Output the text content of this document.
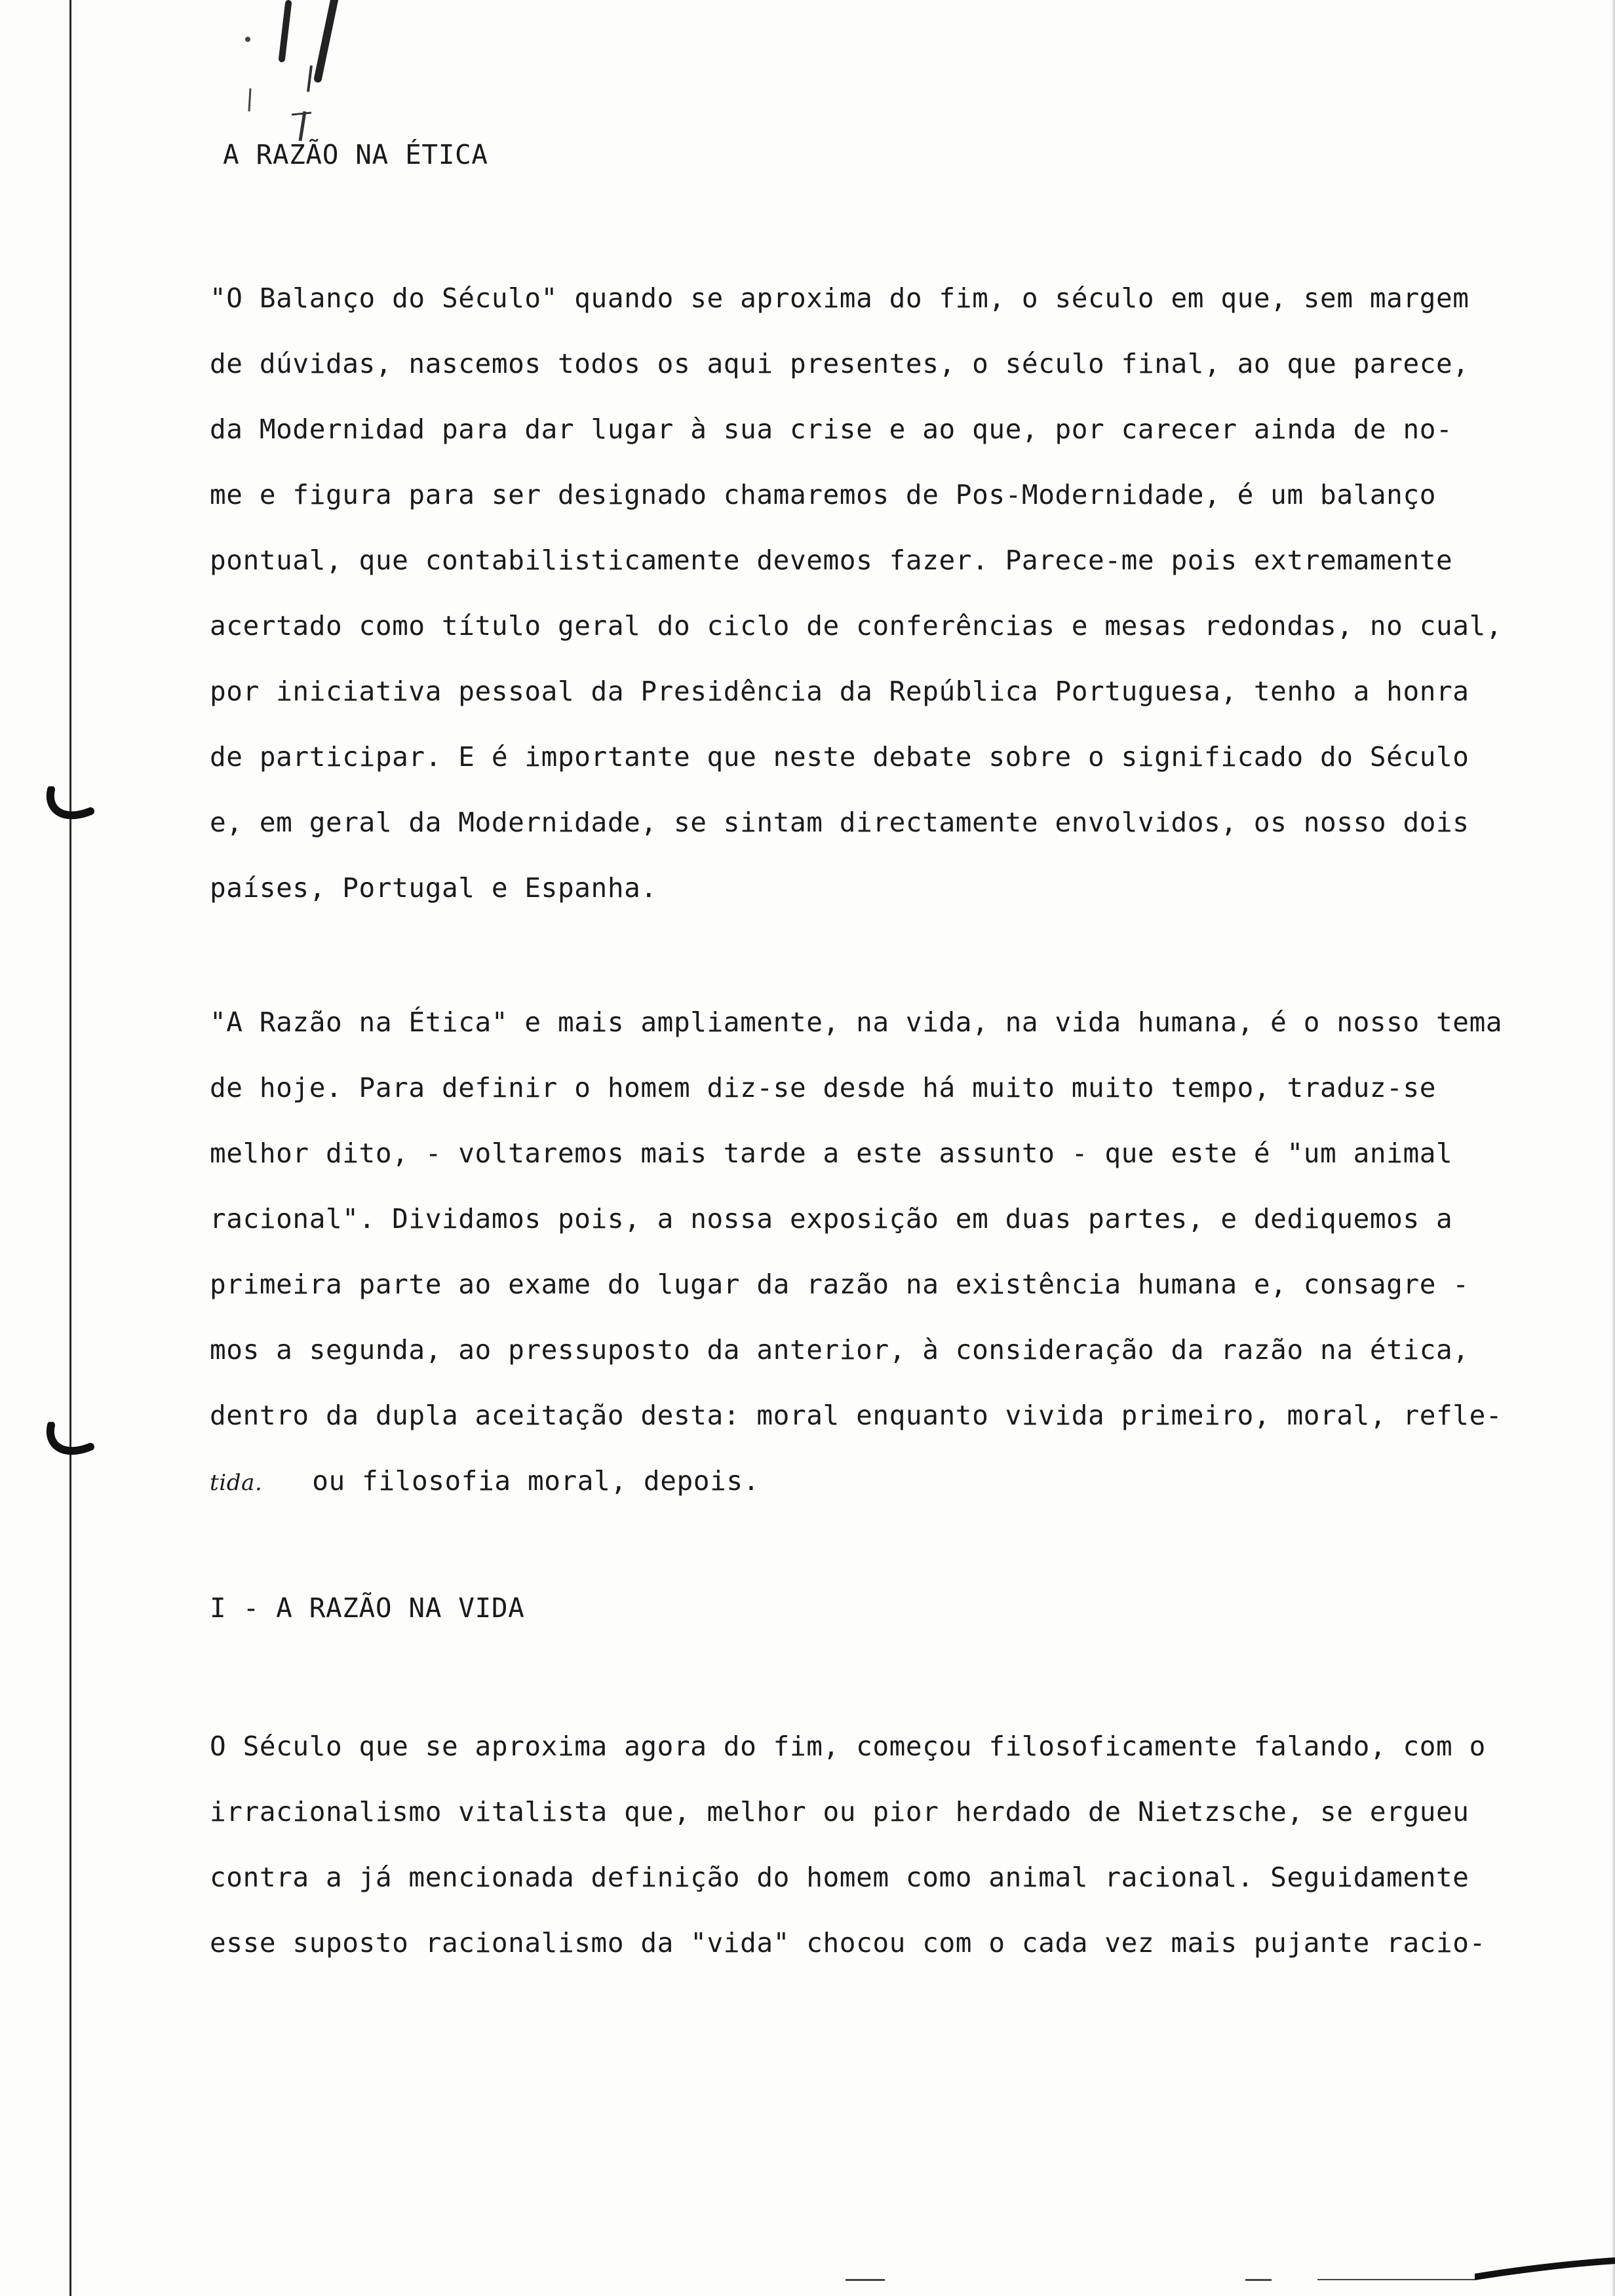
A RAZÃO NA ÉTICA
"O Balanço do Século" quando se aproxima do fim, o século em que, sem margem
de dúvidas, nascemos todos os aqui presentes, o século final, ao que parece,
da Modernidad para dar lugar à sua crise e ao que, por carecer ainda de no-
me e figura para ser designado chamaremos de Pos-Modernidade, é um balanço
pontual, que contabilisticamente devemos fazer. Parece-me pois extremamente
acertado como título geral do ciclo de conferências e mesas redondas, no cual,
por iniciativa pessoal da Presidência da República Portuguesa, tenho a honra
de participar. E é importante que neste debate sobre o significado do Século
e, em geral da Modernidade, se sintam directamente envolvidos, os nosso dois
países, Portugal e Espanha.
"A Razão na Ética" e mais ampliamente, na vida, na vida humana, é o nosso tema
de hoje. Para definir o homem diz-se desde há muito muito tempo, traduz-se
melhor dito, - voltaremos mais tarde a este assunto - que este é "um animal
racional". Dividamos pois, a nossa exposição em duas partes, e dediquemos a
primeira parte ao exame do lugar da razão na existência humana e, consagre -
mos a segunda, ao pressuposto da anterior, à consideração da razão na ética,
dentro da dupla aceitação desta: moral enquanto vivida primeiro, moral, refle-
tida. ou filosofia moral, depois.
I - A RAZÃO NA VIDA
O Século que se aproxima agora do fim, começou filosoficamente falando, com o
irracionalismo vitalista que, melhor ou pior herdado de Nietzsche, se ergueu
contra a já mencionada definição do homem como animal racional. Seguidamente
esse suposto racionalismo da "vida" chocou com o cada vez mais pujante racio-
